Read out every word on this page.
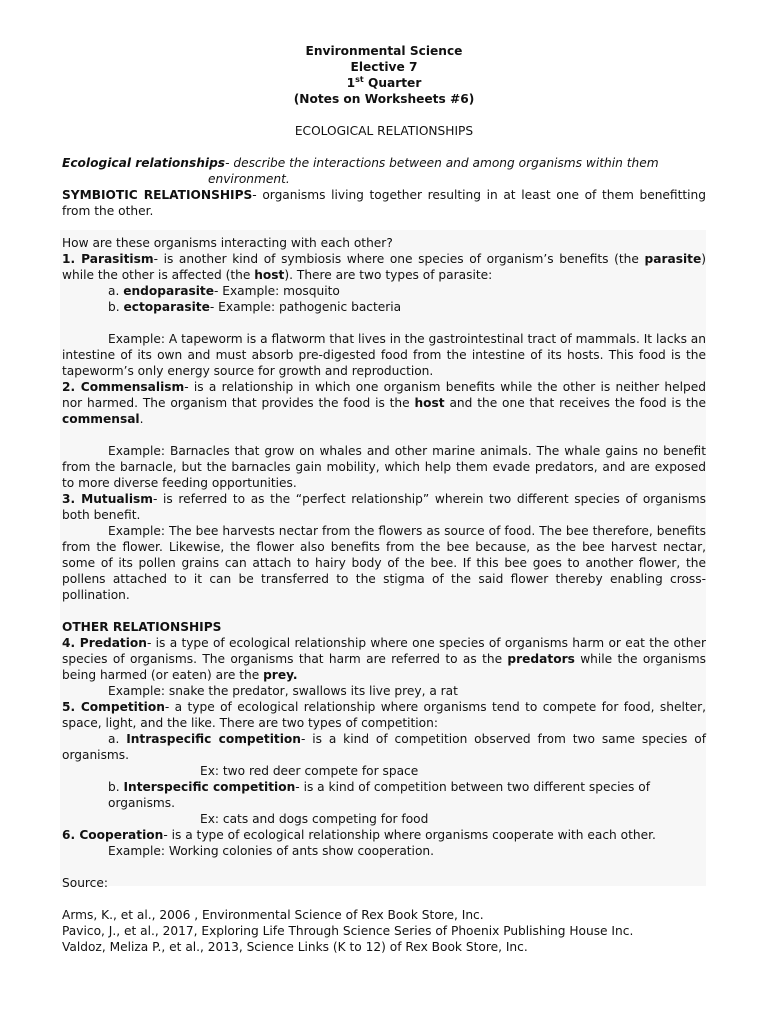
Environmental Science
Elective 7
1st Quarter
(Notes on Worksheets #6)
ECOLOGICAL RELATIONSHIPS
Ecological relationships- describe the interactions between and among organisms within them
environment.
SYMBIOTIC RELATIONSHIPS- organisms living together resulting in at least one of them benefitting from the other.
How are these organisms interacting with each other?
1. Parasitism- is another kind of symbiosis where one species of organism’s benefits (the parasite) while the other is affected (the host). There are two types of parasite:
a. endoparasite- Example: mosquito
b. ectoparasite- Example: pathogenic bacteria
Example: A tapeworm is a flatworm that lives in the gastrointestinal tract of mammals. It lacks an intestine of its own and must absorb pre-digested food from the intestine of its hosts. This food is the tapeworm’s only energy source for growth and reproduction.
2. Commensalism- is a relationship in which one organism benefits while the other is neither helped nor harmed. The organism that provides the food is the host and the one that receives the food is the commensal.
Example: Barnacles that grow on whales and other marine animals. The whale gains no benefit from the barnacle, but the barnacles gain mobility, which help them evade predators, and are exposed to more diverse feeding opportunities.
3. Mutualism- is referred to as the “perfect relationship” wherein two different species of organisms both benefit.
Example: The bee harvests nectar from the flowers as source of food. The bee therefore, benefits from the flower. Likewise, the flower also benefits from the bee because, as the bee harvest nectar, some of its pollen grains can attach to hairy body of the bee. If this bee goes to another flower, the pollens attached to it can be transferred to the stigma of the said flower thereby enabling cross-pollination.
OTHER RELATIONSHIPS
4. Predation- is a type of ecological relationship where one species of organisms harm or eat the other species of organisms. The organisms that harm are referred to as the predators while the organisms being harmed (or eaten) are the prey.
Example: snake the predator, swallows its live prey, a rat
5. Competition- a type of ecological relationship where organisms tend to compete for food, shelter, space, light, and the like. There are two types of competition:
a. Intraspecific competition- is a kind of competition observed from two same species of organisms.
Ex: two red deer compete for space
b. Interspecific competition- is a kind of competition between two different species of organisms.
Ex: cats and dogs competing for food
6. Cooperation- is a type of ecological relationship where organisms cooperate with each other.
Example: Working colonies of ants show cooperation.
Source:
Arms, K., et al., 2006 , Environmental Science of Rex Book Store, Inc.
Pavico, J., et al., 2017, Exploring Life Through Science Series of Phoenix Publishing House Inc.
Valdoz, Meliza P., et al., 2013, Science Links (K to 12) of Rex Book Store, Inc.
